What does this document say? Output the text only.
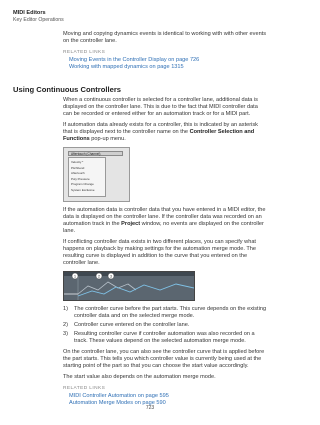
MIDI Editors
Key Editor Operations

Moving and copying dynamics events is identical to working with with other events on the controller lane.

RELATED LINKS
Moving Events in the Controller Display on page 726
Working with mapped dynamics on page 1315
Using Continuous Controllers

When a continuous controller is selected for a controller lane, additional data is displayed on the controller lane. This is due to the fact that MIDI controller data can be recorded or entered either for an automation track or for a MIDI part.

If automation data already exists for a controller, this is indicated by an asterisk that is displayed next to the controller name on the Controller Selection and Functions pop-up menu.

Aftertouch (Channel)
Velocity *
Pitchbend
Aftertouch
Poly Pressure
Program Change
System Exclusive

If the automation data is controller data that you have entered in a MIDI editor, the data is displayed on the controller lane. If the controller data was recorded on an automation track in the Project window, no events are displayed on the controller lane.

If conflicting controller data exists in two different places, you can specify what happens on playback by making settings for the automation merge mode. The resulting curve is displayed in addition to the curve that you entered on the controller lane.

1	2	3
1)	The controller curve before the part starts. This curve depends on the existing controller data and on the selected merge mode.
2)	Controller curve entered on the controller lane.
3)	Resulting controller curve if controller automation was also recorded on a track. These values depend on the selected automation merge mode.

On the controller lane, you can also see the controller curve that is applied before the part starts. This tells you which controller value is currently being used at the starting point of the part so that you can choose the start value accordingly.

The start value also depends on the automation merge mode.

RELATED LINKS
MIDI Controller Automation on page 595
Automation Merge Modes on page 590
723
